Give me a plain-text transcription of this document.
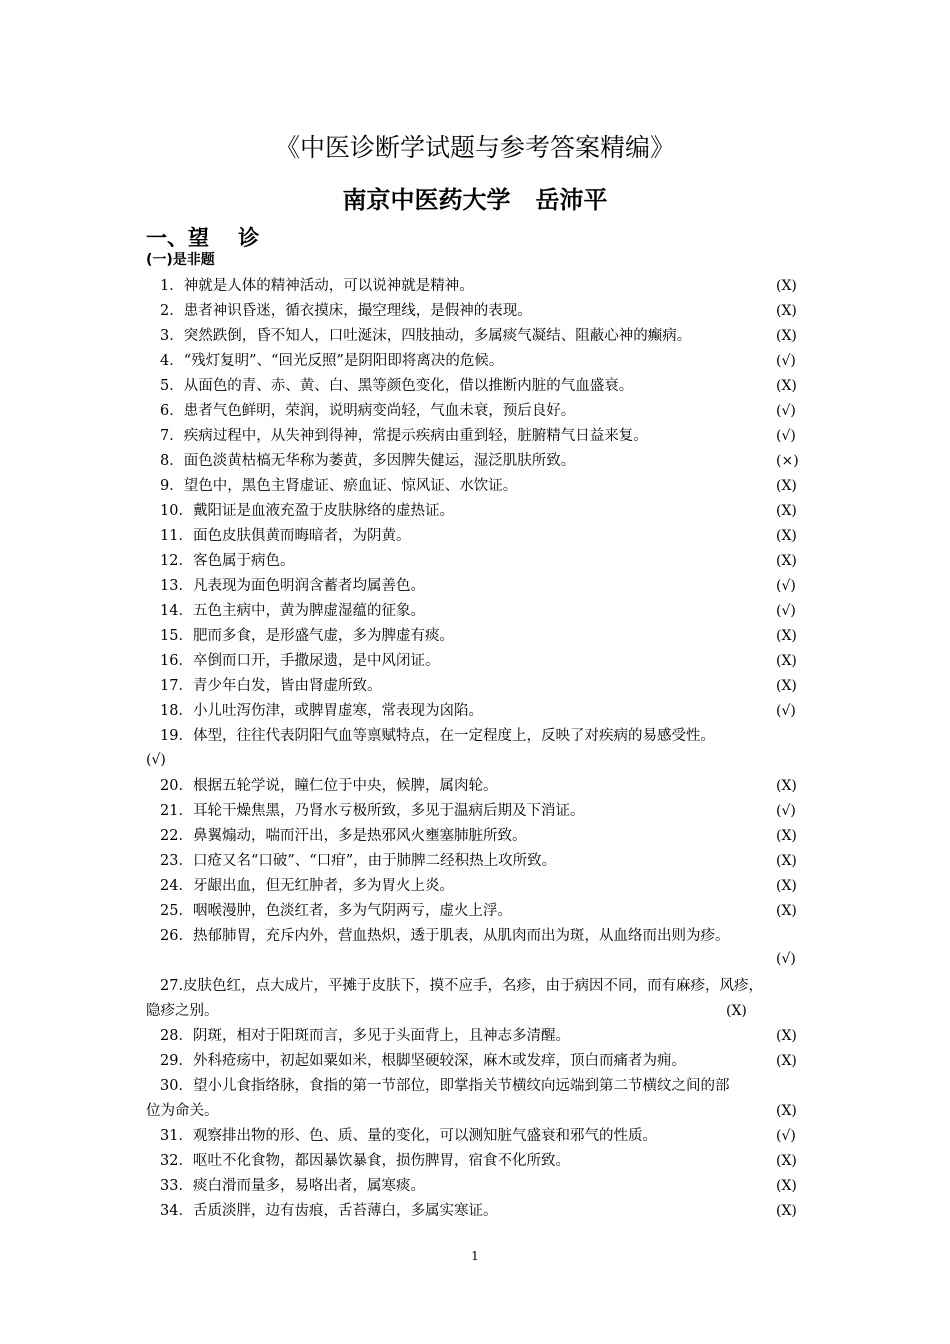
《中医诊断学试题与参考答案精编》
南京中医药大学   岳沛平
一、望    诊
(一)是非题
1．神就是人体的精神活动，可以说神就是精神。	(X)
2．患者神识昏迷，循衣摸床，撮空理线，是假神的表现。	(X)
3．突然跌倒，昏不知人，口吐涎沫，四肢抽动，多属痰气凝结、阻蔽心神的癫病。	(X)
4．“残灯复明”、“回光反照”是阴阳即将离决的危候。	(√)
5．从面色的青、赤、黄、白、黑等颜色变化，借以推断内脏的气血盛衰。	(X)
6．患者气色鲜明，荣润，说明病变尚轻，气血未衰，预后良好。	(√)
7．疾病过程中，从失神到得神，常提示疾病由重到轻，脏腑精气日益来复。	(√)
8．面色淡黄枯槁无华称为萎黄，多因脾失健运，湿泛肌肤所致。	(×)
9．望色中，黑色主肾虚证、瘀血证、惊风证、水饮证。	(X)
10．戴阳证是血液充盈于皮肤脉络的虚热证。	(X)
11．面色皮肤俱黄而晦暗者，为阴黄。	(X)
12．客色属于病色。	(X)
13．凡表现为面色明润含蓄者均属善色。	(√)
14．五色主病中，黄为脾虚湿蕴的征象。	(√)
15．肥而多食，是形盛气虚，多为脾虚有痰。	(X)
16．卒倒而口开，手撒尿遗，是中风闭证。	(X)
17．青少年白发，皆由肾虚所致。	(X)
18．小儿吐泻伤津，或脾胃虚寒，常表现为囟陷。	(√)
19．体型，往往代表阴阳气血等禀赋特点，在一定程度上，反映了对疾病的易感受性。
(√)
20．根据五轮学说，瞳仁位于中央，候脾，属肉轮。	(X)
21．耳轮干燥焦黑，乃肾水亏极所致，多见于温病后期及下消证。	(√)
22．鼻翼煽动，喘而汗出，多是热邪风火壅塞肺脏所致。	(X)
23．口疮又名“口破”、“口疳”，由于肺脾二经积热上攻所致。	(X)
24．牙龈出血，但无红肿者，多为胃火上炎。	(X)
25．咽喉漫肿，色淡红者，多为气阴两亏，虚火上浮。	(X)
26．热郁肺胃，充斥内外，营血热炽，透于肌表，从肌肉而出为斑，从血络而出则为疹。
(√)
27.皮肤色红，点大成片，平摊于皮肤下，摸不应手，名疹，由于病因不同，而有麻疹，风疹，
隐疹之别。	(X)
28．阴斑，相对于阳斑而言，多见于头面背上，且神志多清醒。	(X)
29．外科疮疡中，初起如粟如米，根脚坚硬较深，麻木或发痒，顶白而痛者为痈。	(X)
30．望小儿食指络脉，食指的第一节部位，即掌指关节横纹向远端到第二节横纹之间的部
位为命关。	(X)
31．观察排出物的形、色、质、量的变化，可以测知脏气盛衰和邪气的性质。	(√)
32．呕吐不化食物，都因暴饮暴食，损伤脾胃，宿食不化所致。	(X)
33．痰白滑而量多，易咯出者，属寒痰。	(X)
34．舌质淡胖，边有齿痕，舌苔薄白，多属实寒证。	(X)
1
